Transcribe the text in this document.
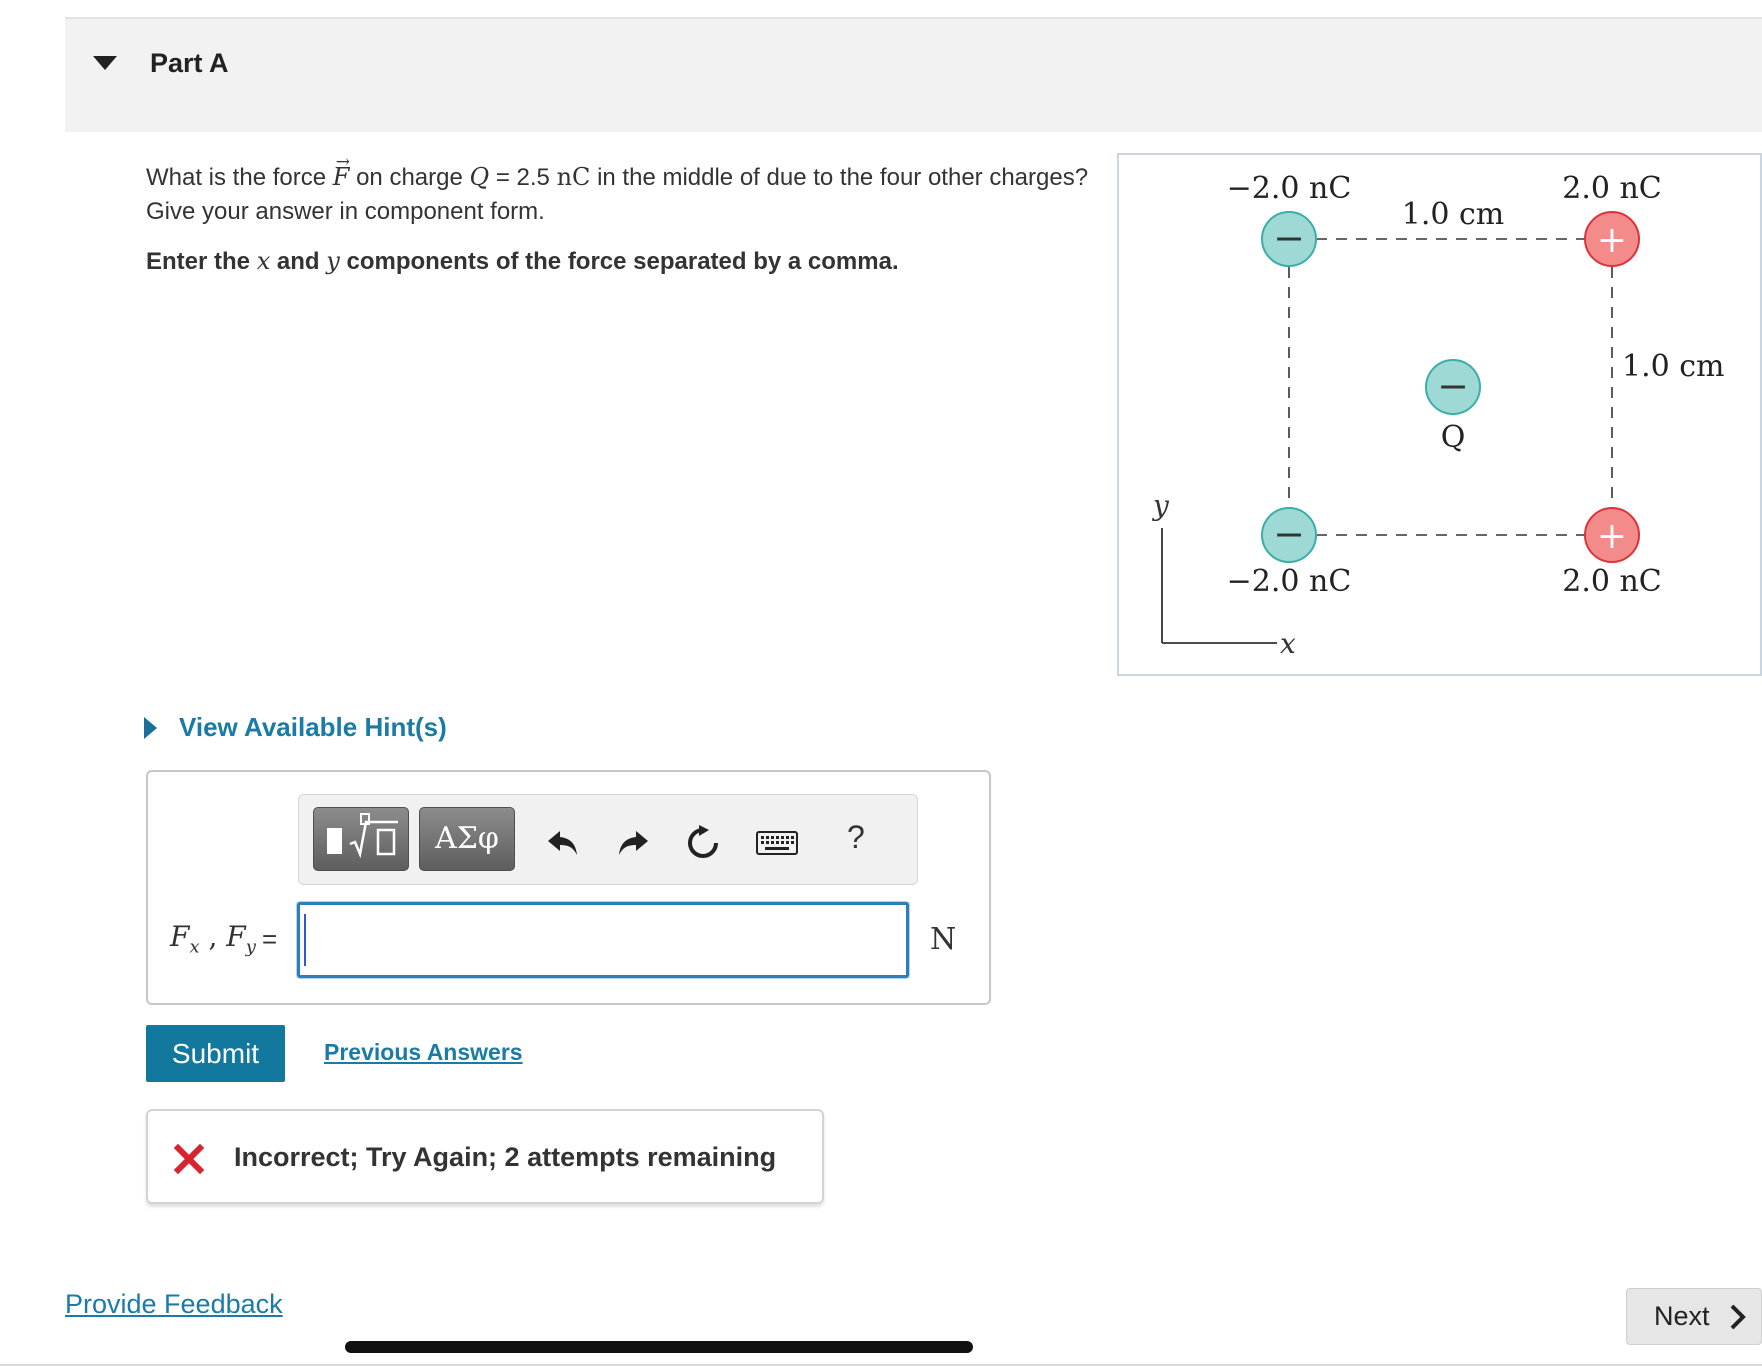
Part A
What is the force → F on charge Q = 2.5 nC in the middle of due to the four other charges? Give your answer in component form.
Enter the x and y components of the force separated by a comma.
y
x
−	+
−
−	+
−2.0 nC	2.0 nC
1.0 cm
1.0 cm
Q
−2.0 nC	2.0 nC
View Available Hint(s)
ΑΣφ	?
$F_x$ , $F_y$ =	N
Submit	Previous Answers
Incorrect; Try Again; 2 attempts remaining
Provide Feedback	Next
